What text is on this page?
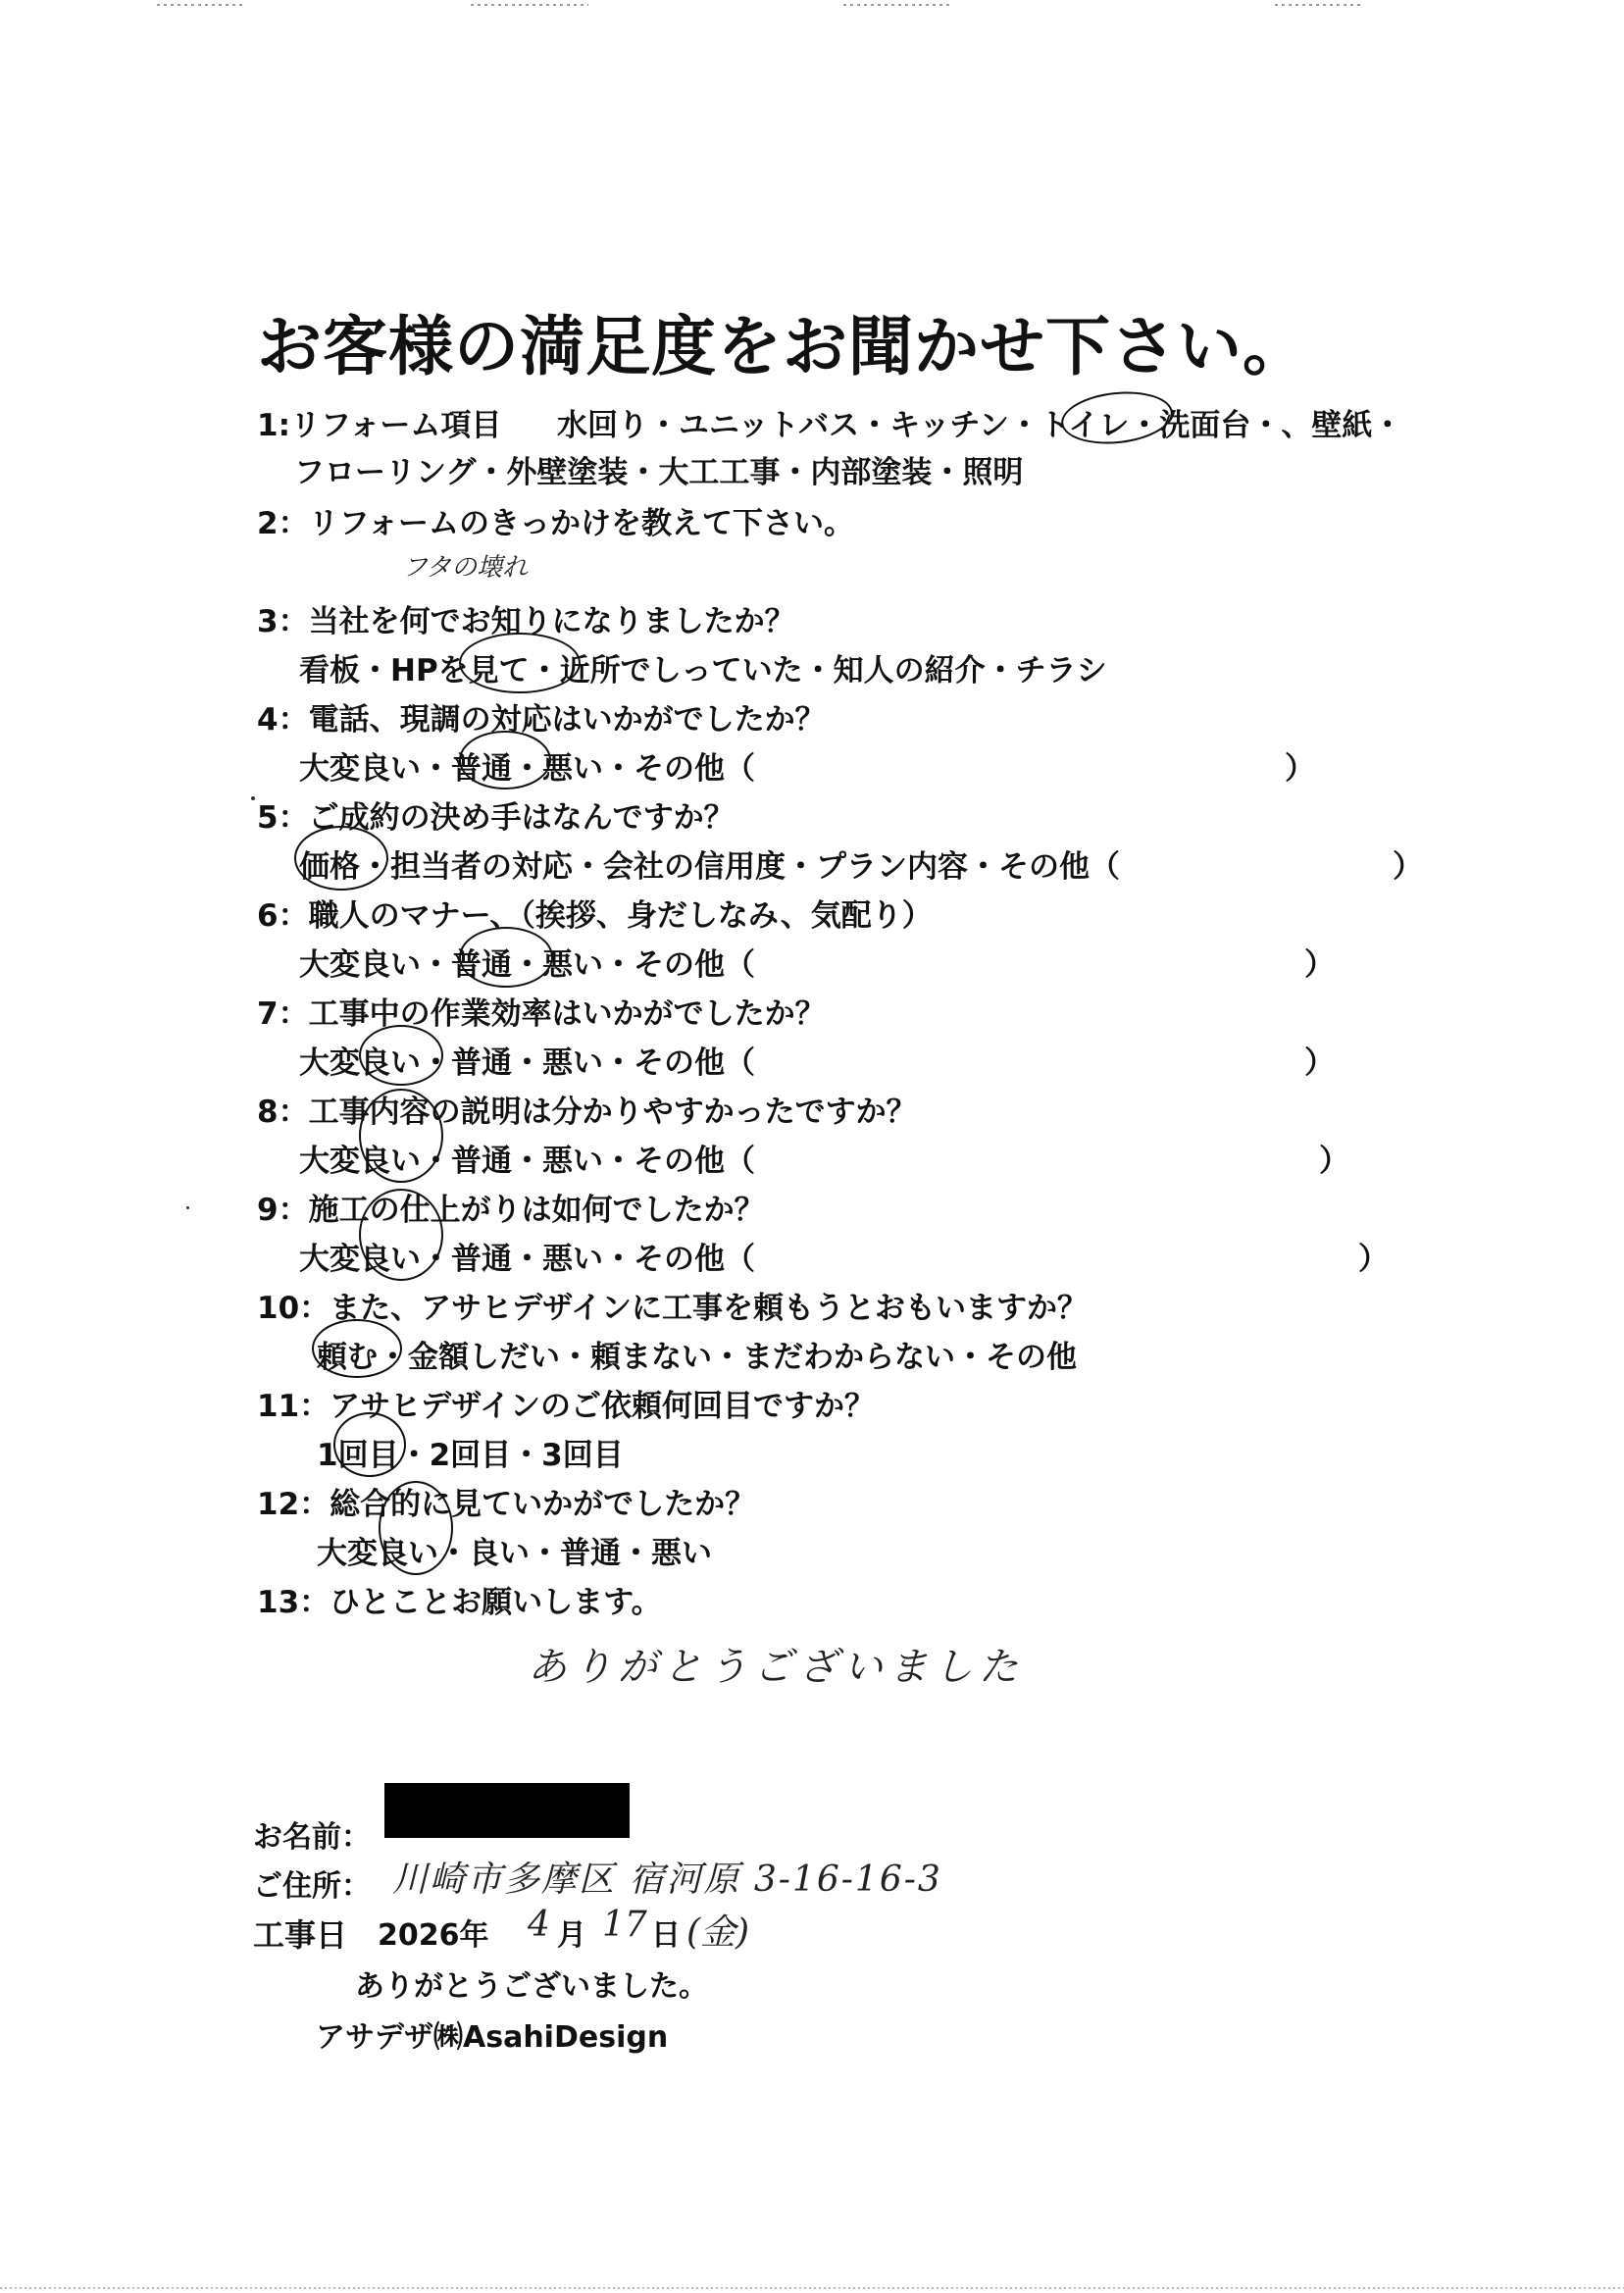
お客様の満足度をお聞かせ下さい。
1:リフォーム項目 水回り・ユニットバス・キッチン・トイレ・洗面台・、壁紙・
フローリング・外壁塗装・大工工事・内部塗装・照明
2：リフォームのきっかけを教えて下さい。
フタの壊れ
3：当社を何でお知りになりましたか？
看板・HPを見て・近所でしっていた・知人の紹介・チラシ
4：電話、現調の対応はいかがでしたか？
大変良い・普通・悪い・その他（	）
5：ご成約の決め手はなんですか？
価格・担当者の対応・会社の信用度・プラン内容・その他（	）
6：職人のマナー、（挨拶、身だしなみ、気配り）
大変良い・普通・悪い・その他（	）
7：工事中の作業効率はいかがでしたか？
大変良い・普通・悪い・その他（	）
8：工事内容の説明は分かりやすかったですか？
大変良い・普通・悪い・その他（	）
9：施工の仕上がりは如何でしたか？
大変良い・普通・悪い・その他（	）
10：また、アサヒデザインに工事を頼もうとおもいますか？
頼む・金額しだい・頼まない・まだわからない・その他
11：アサヒデザインのご依頼何回目ですか？
1回目・2回目・3回目
12：総合的に見ていかがでしたか？
大変良い・良い・普通・悪い
13：ひとことお願いします。
ありがとうございました
お名前：
ご住所： 川崎市多摩区 宿河原 3-16-16-3
工事日 2026年 4 月 17 日 (金)
ありがとうございました。
アサデザ㈱AsahiDesign
